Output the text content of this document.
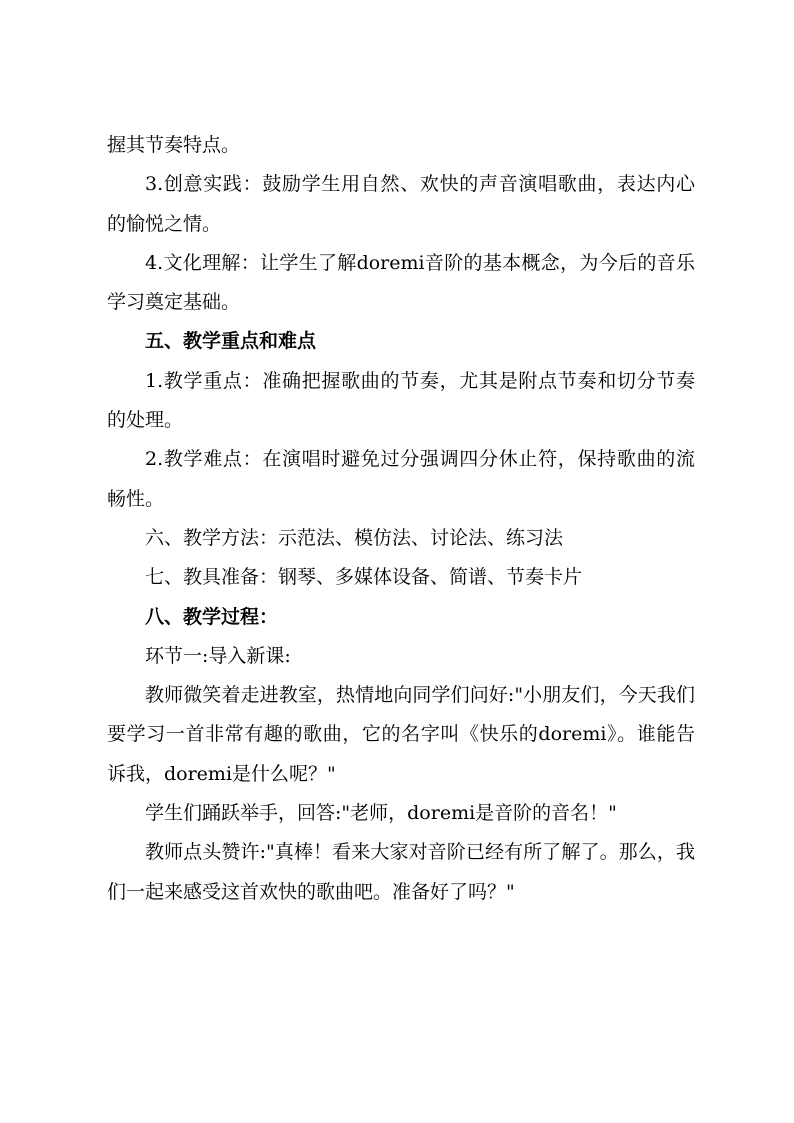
握其节奏特点。

3.创意实践：鼓励学生用自然、欢快的声音演唱歌曲，表达内心的愉悦之情。

4.文化理解：让学生了解doremi音阶的基本概念，为今后的音乐学习奠定基础。

五、教学重点和难点

1.教学重点：准确把握歌曲的节奏，尤其是附点节奏和切分节奏的处理。

2.教学难点：在演唱时避免过分强调四分休止符，保持歌曲的流畅性。

六、教学方法：示范法、模仿法、讨论法、练习法

七、教具准备：钢琴、多媒体设备、简谱、节奏卡片

八、教学过程：

环节一:导入新课:

教师微笑着走进教室，热情地向同学们问好:"小朋友们，今天我们要学习一首非常有趣的歌曲，它的名字叫《快乐的doremi》。谁能告诉我，doremi是什么呢？"

学生们踊跃举手，回答:"老师，doremi是音阶的音名！"

教师点头赞许:"真棒！看来大家对音阶已经有所了解了。那么，我们一起来感受这首欢快的歌曲吧。准备好了吗？"
